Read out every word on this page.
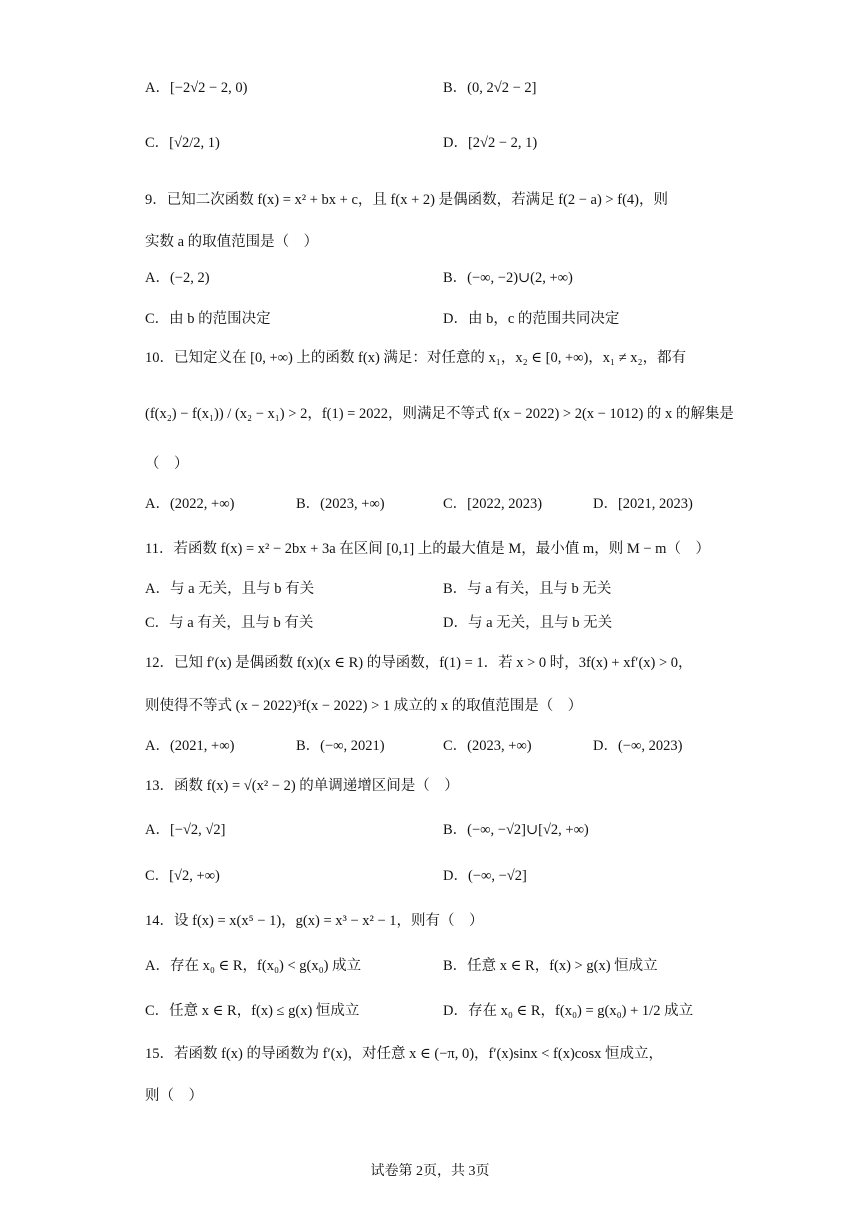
A．[−2√2 − 2, 0)	B．(0, 2√2 − 2]
C．[√2/2, 1)	D．[2√2 − 2, 1)
9．已知二次函数 f(x) = x² + bx + c，且 f(x + 2) 是偶函数，若满足 f(2 − a) > f(4)，则
实数 a 的取值范围是（　）
A．(−2, 2)	B．(−∞, −2)∪(2, +∞)
C．由 b 的范围决定	D．由 b，c 的范围共同决定
10．已知定义在 [0, +∞) 上的函数 f(x) 满足：对任意的 x₁，x₂ ∈ [0, +∞)，x₁ ≠ x₂，都有
(f(x₂) − f(x₁)) / (x₂ − x₁) > 2，f(1) = 2022，则满足不等式 f(x − 2022) > 2(x − 1012) 的 x 的解集是
（　）
A．(2022, +∞)	B．(2023, +∞)	C．[2022, 2023)	D．[2021, 2023)
11．若函数 f(x) = x² − 2bx + 3a 在区间 [0,1] 上的最大值是 M，最小值 m，则 M − m（　）
A．与 a 无关，且与 b 有关	B．与 a 有关，且与 b 无关
C．与 a 有关，且与 b 有关	D．与 a 无关，且与 b 无关
12．已知 f′(x) 是偶函数 f(x)(x ∈ R) 的导函数，f(1) = 1．若 x > 0 时，3f(x) + xf′(x) > 0，
则使得不等式 (x − 2022)³f(x − 2022) > 1 成立的 x 的取值范围是（　）
A．(2021, +∞)	B．(−∞, 2021)	C．(2023, +∞)	D．(−∞, 2023)
13．函数 f(x) = √(x² − 2) 的单调递增区间是（　）
A．[−√2, √2]	B．(−∞, −√2]∪[√2, +∞)
C．[√2, +∞)	D．(−∞, −√2]
14．设 f(x) = x(x⁵ − 1)，g(x) = x³ − x² − 1，则有（　）
A．存在 x₀ ∈ R，f(x₀) < g(x₀) 成立	B．任意 x ∈ R，f(x) > g(x) 恒成立
C．任意 x ∈ R，f(x) ≤ g(x) 恒成立	D．存在 x₀ ∈ R，f(x₀) = g(x₀) + 1/2 成立
15．若函数 f(x) 的导函数为 f′(x)，对任意 x ∈ (−π, 0)，f′(x)sinx < f(x)cosx 恒成立，
则（　）
试卷第 2页，共 3页
